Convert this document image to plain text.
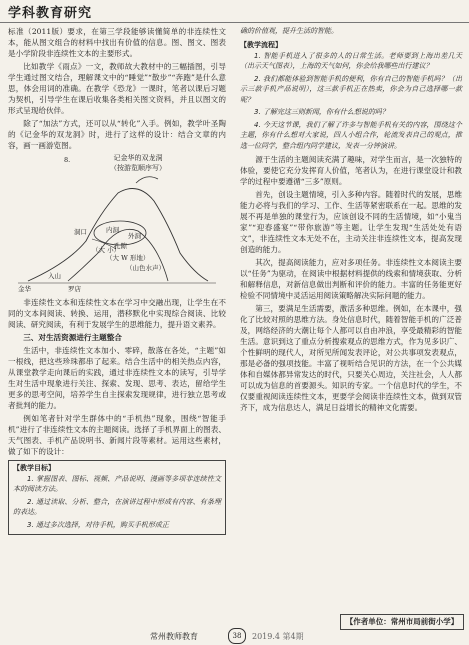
学科教育研究

标准（2011版）要求，在第三学段能够读懂简单的非连续性文本，能从图文组合的材料中找出有价值的信息。图、图文、图表是小学阶段非连续性文本的主要形式。

比如教学《雨点》一文，教师故大教材中的三幅插图，引导学生通过图文结合，理解课文中的“睡觉”“散步”“奔跑”是什么意思，体会用词的准确。在教学《恐龙》一课时，笔者以课后习题为契机，引导学生在课后收集各类相关图文资料，并且以图文的形式呈现给伙伴。

除了“加法”方式，还可以从“转化”入手。例如，教学叶圣陶的《记金华的双龙洞》时，进行了这样的设计：结合文章的内容，画一画游览图。

8.	记金华的双龙洞
（按游览顺序写）
洞口	内洞
外洞
孔隙
（大 小）
（大 W 形地）
（山色水声）
入山
金华	罗店

非连续性文本和连续性文本在学习中交融出现，让学生在不同的文本间阅读、转换、运用，潜移默化中实现综合阅读、比较阅读、研究阅读，有利于发展学生的思维能力，提升语文素养。

三、对生活资源进行主题整合

生活中，非连续性文本加小、零碎，散落在各处，“主题”如一根线，把这些珍珠都串了起来。结合生活中的相关热点内容，从课堂教学走向课后的实践，通过非连续性文本的读写，引导学生对生活中现象进行关注、探索、发现、思考、表达，留给学生更多的思考空间，培养学生自主探索发现规律，进行独立思考或者批判的能力。

例如笔者针对学生群体中的“手机热”现象，围绕“智能手机”进行了非连续性文本的主题阅读。选择了手机界面上的图表、天气图表、手机产品说明书、新闻片段等素材。运用这些素材，做了如下的设计：

【教学目标】

1. 掌握图表、图标、视频、产品说明、漫画等多项非连续性文本的阅读方法。

2. 通过读取、分析、整合，在演讲过程中形成有内容、有条理的表达。

3. 通过多次选择，对待手机，购买手机形成正

确的价值观，提升生活的智能。

【教学流程】

1. 智能手机进入了很多的人的日常生活。老师要到上海出差几天（出示天气图表），上海的天气如何，你会给我哪些出行建议？

2. 我们都能体验到智能手机的便利，你有自己的智能手机吗？（出示三款手机产品说明），这三款手机正在热卖，你会为自己选择哪一款呢？

3. 了解完这三则新闻，你有什么想说的吗？

4. 今天这节课，我们了解了许多与智能手机有关的内容，围绕这个主题，你有什么想对大家说，四人小组合作，轮流发表自己的观点，推选一位同学，整合组内同学建议，发表一分钟演讲。

源于生活的主题阅读充满了趣味，对学生而言，是一次独特的体验，要使它充分发挥育人价值，笔者认为，在进行课堂设计和教学的过程中要遵循“三多”原则。

首先，创设主题情境，引入多种内容。随着时代的发展，思维能力必将与我们的学习、工作、生活等紧密联系在一起。思维的发展不再是单独的课堂行为，应该创设不同的生活情境，如“小鬼当家”“迎春盛宴”“带你旅游”等主题。让学生发现“生活处处有语文”，非连续性文本无处不在，主动关注非连续性文本，提高发现创造的能力。

其次，提高阅读能力，应对多项任务。非连续性文本阅读主要以“任务”为驱动，在阅读中根据材料提供的线索和情境获取、分析和解释信息，对新信息做出判断和评价的能力。丰富的任务能更好检验不同情境中灵活运用阅读策略解决实际问题的能力。

第三，要满足生活需要，激活多种思维。例如，在本课中，强化了比较对照的思维方法。身处信息时代，随着智能手机的广泛普及，网络经济的大潮让每个人都可以自由冲浪，享受最精彩的智能生活。意识到这了重点分析搜索观点的思维方式，作为见多识广、个性鲜明的现代人，对所见所闻发表评论，对公共事项发表观点，那是必备的强项技能。丰富了视听结合见识的方法，在一个公共媒体和自媒体都异常发达的时代，只要关心周边，关注社会，人人都可以成为信息的首要源头。知识的专家。一个信息时代的学生，不仅要重视阅读连续性文本，更要学会阅读非连续性文本，做到双管齐下，成为信息达人，满足日益增长的精神文化需要。

【作者单位：常州市局前街小学】
常州教师教育	38	2019.4 第4期
